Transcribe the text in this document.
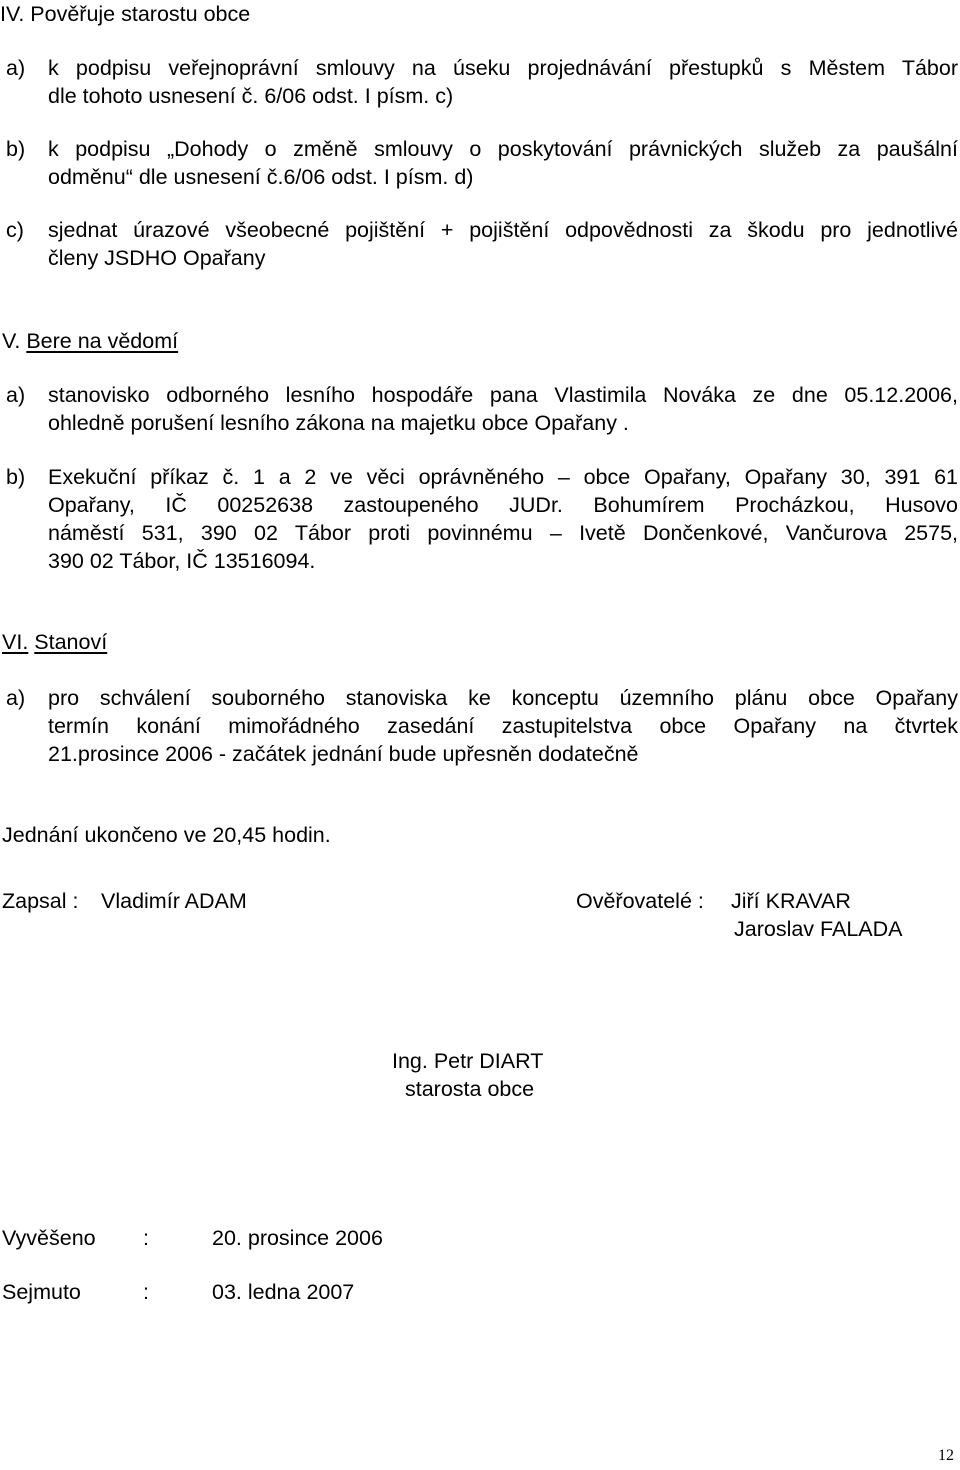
IV. Pověřuje starostu obce
a) k podpisu veřejnoprávní smlouvy na úseku projednávání přestupků s Městem Tábor
dle tohoto usnesení č. 6/06 odst. I písm. c)
b) k podpisu „Dohody o změně smlouvy o poskytování právnických služeb za paušální
odměnu“ dle usnesení č.6/06 odst. I písm. d)
c) sjednat úrazové všeobecné pojištění + pojištění odpovědnosti za škodu pro jednotlivé
členy JSDHO Opařany
V. Bere na vědomí
a) stanovisko odborného lesního hospodáře pana Vlastimila Nováka ze dne 05.12.2006,
ohledně porušení lesního zákona na majetku obce Opařany .
b) Exekuční příkaz č. 1 a 2 ve věci oprávněného – obce Opařany, Opařany 30, 391 61
Opařany, IČ 00252638 zastoupeného JUDr. Bohumírem Procházkou, Husovo
náměstí 531, 390 02 Tábor proti povinnému – Ivetě Dončenkové, Vančurova 2575,
390 02 Tábor, IČ 13516094.
VI. Stanoví
a) pro schválení souborného stanoviska ke konceptu územního plánu obce Opařany
termín konání mimořádného zasedání zastupitelstva obce Opařany na čtvrtek
21.prosince 2006 - začátek jednání bude upřesněn dodatečně
Jednání ukončeno ve 20,45 hodin.
Zapsal : Vladimír ADAM	Ověřovatelé : Jiří KRAVAR
Jaroslav FALADA
Ing. Petr DIART
starosta obce
Vyvěšeno :	20. prosince 2006
Sejmuto	:	03. ledna 2007
12
